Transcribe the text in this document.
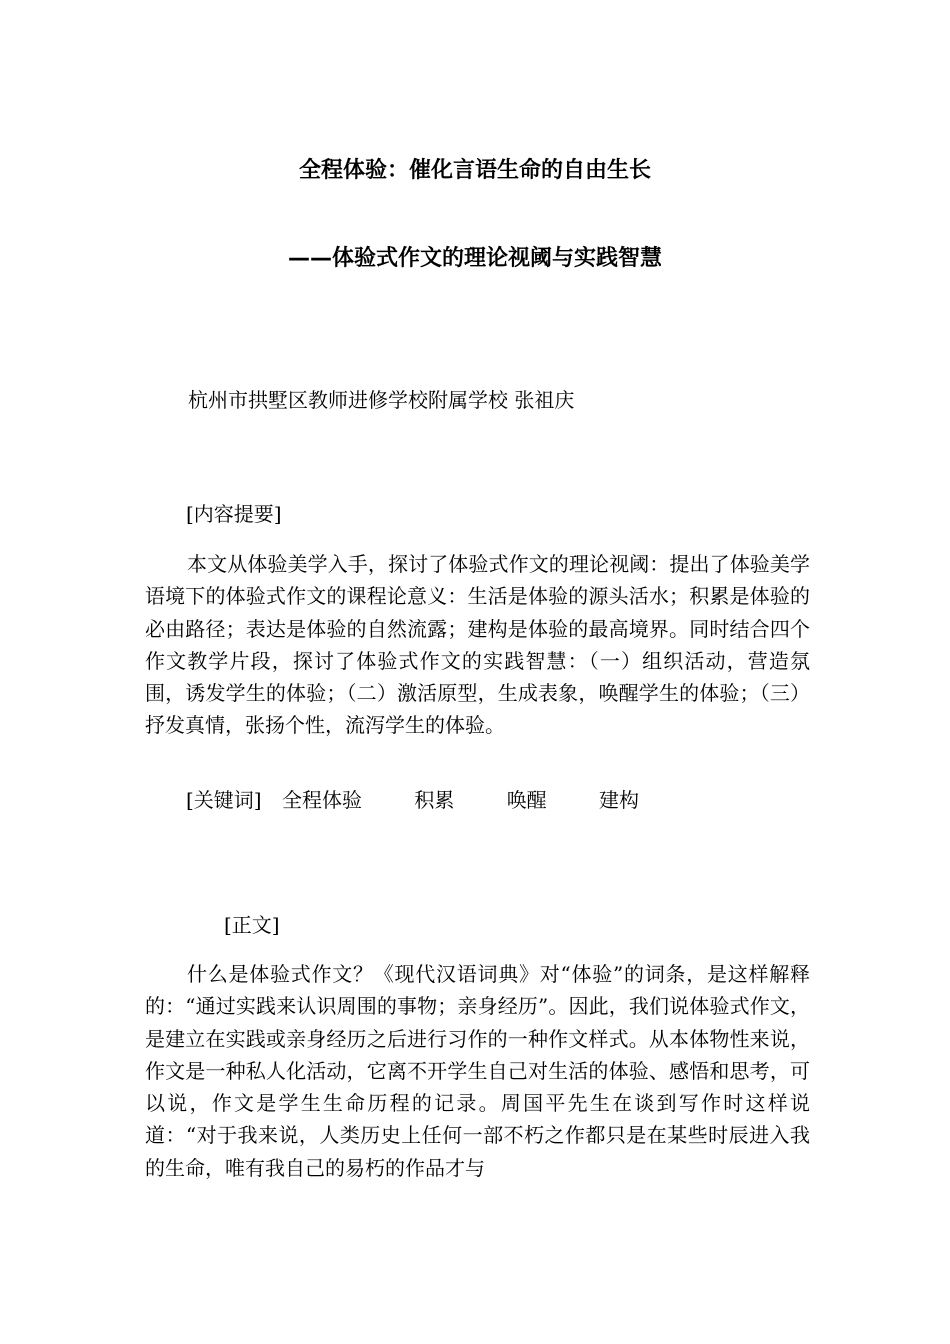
全程体验：催化言语生命的自由生长
——体验式作文的理论视阈与实践智慧

杭州市拱墅区教师进修学校附属学校 张祖庆

[内容提要]

本文从体验美学入手，探讨了体验式作文的理论视阈：提出了体验美学语境下的体验式作文的课程论意义：生活是体验的源头活水；积累是体验的必由路径；表达是体验的自然流露；建构是体验的最高境界。同时结合四个作文教学片段，探讨了体验式作文的实践智慧：（一）组织活动，营造氛围，诱发学生的体验；（二）激活原型，生成表象，唤醒学生的体验；（三）抒发真情，张扬个性，流泻学生的体验。

[关键词] 全程体验	积累	唤醒	建构

[正文]

什么是体验式作文？《现代汉语词典》对“体验”的词条，是这样解释的：“通过实践来认识周围的事物；亲身经历”。因此，我们说体验式作文，是建立在实践或亲身经历之后进行习作的一种作文样式。从本体物性来说，作文是一种私人化活动，它离不开学生自己对生活的体验、感悟和思考，可以说，作文是学生生命历程的记录。周国平先生在谈到写作时这样说道：“对于我来说，人类历史上任何一部不朽之作都只是在某些时辰进入我的生命，唯有我自己的易朽的作品才与
